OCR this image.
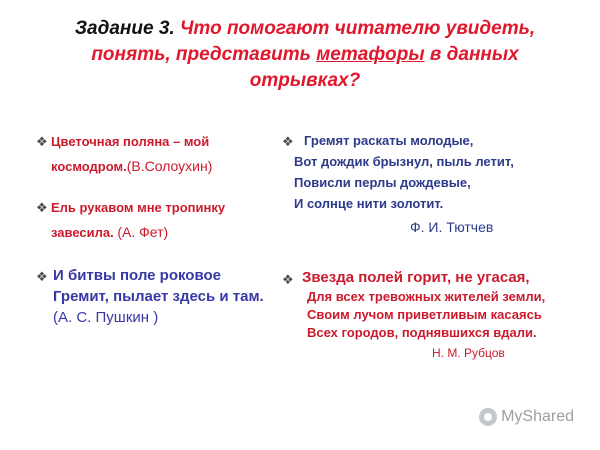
Задание 3. Что помогают читателю увидеть,
понять, представить метафоры в данных
отрывках?
❖ Цветочная поляна – мой
космодром.(В.Солоухин)
❖ Ель рукавом мне тропинку
завесила. (А. Фет)
❖ И битвы поле роковое
Гремит, пылает здесь и там.
(А. С. Пушкин )
❖ Гремят раскаты молодые,
Вот дождик брызнул, пыль летит,
Повисли перлы дождевые,
И солнце нити золотит.
Ф. И. Тютчев
❖ Звезда полей горит, не угасая,
Для всех тревожных жителей земли,
Своим лучом приветливым касаясь
Всех городов, поднявшихся вдали.
Н. М. Рубцов
MyShared
